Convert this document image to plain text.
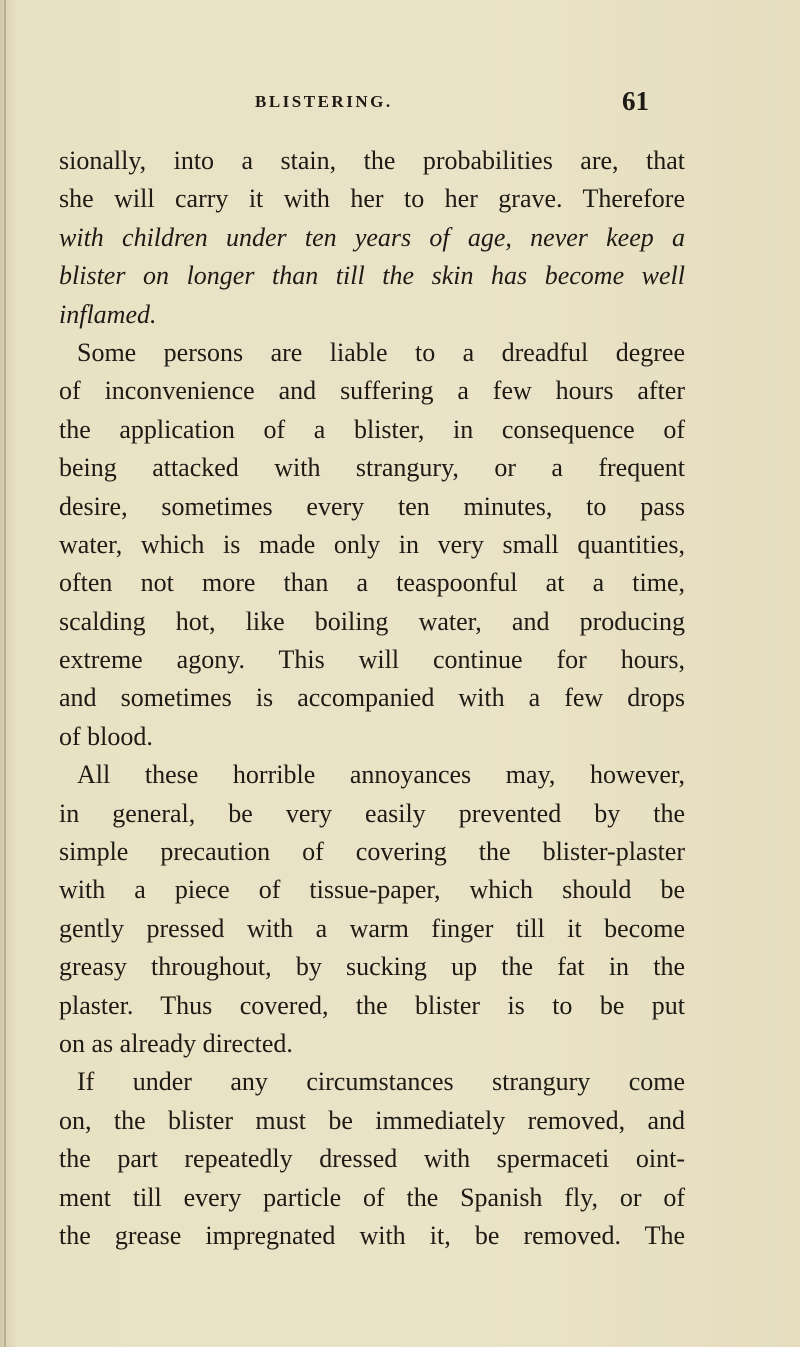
BLISTERING.	61
sionally, into a stain, the probabilities are, that
she will carry it with her to her grave. Therefore
with children under ten years of age, never keep a
blister on longer than till the skin has become well
inflamed.
Some persons are liable to a dreadful degree
of inconvenience and suffering a few hours after
the application of a blister, in consequence of
being attacked with strangury, or a frequent
desire, sometimes every ten minutes, to pass
water, which is made only in very small quantities,
often not more than a teaspoonful at a time,
scalding hot, like boiling water, and producing
extreme agony. This will continue for hours,
and sometimes is accompanied with a few drops
of blood.
All these horrible annoyances may, however,
in general, be very easily prevented by the
simple precaution of covering the blister-plaster
with a piece of tissue-paper, which should be
gently pressed with a warm finger till it become
greasy throughout, by sucking up the fat in the
plaster. Thus covered, the blister is to be put
on as already directed.
If under any circumstances strangury come
on, the blister must be immediately removed, and
the part repeatedly dressed with spermaceti oint-
ment till every particle of the Spanish fly, or of
the grease impregnated with it, be removed. The
